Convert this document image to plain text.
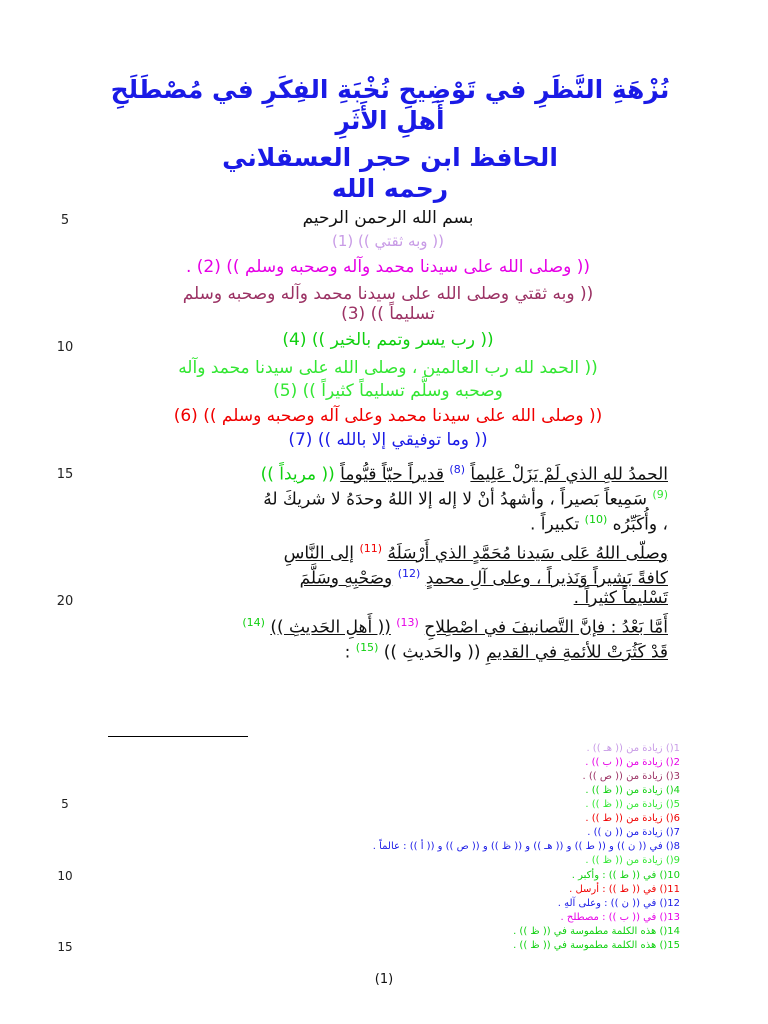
نُزْهَةِ النَّظَرِ في تَوْضِيحِ نُخْبَةِ الفِكَرِ في مُصْطَلَحِ أَهلِ الأَثَرِ
الحافظ ابن حجر العسقلاني
رحمه الله
5
10
15
20
بسم الله الرحمن الرحيم
(( وبه ثقتي )) (1)
(( وصلى الله على سيدنا محمد وآله وصحبه وسلم )) (2) .
(( وبه ثقتي وصلى الله على سيدنا محمد وآله وصحبه وسلم
تسليماً )) (3)
(( رب يسر وتمم بالخير )) (4)
(( الحمد لله رب العالمين ، وصلى الله على سيدنا محمد وآله
وصحبه وسلَّم تسليماً كثيراً )) (5)
(( وصلى الله على سيدنا محمد وعلى آله وصحبه وسلم )) (6)
(( وما توفيقي إلا بالله )) (7)
الحمدُ للهِ الذي لَمْ يَزَلْ عَلِيماً $^{(8)}$ قديراً حيّاً قيُّوماً (( مريداً ))
$^{(9)}$ سَمِيعاً بَصيراً ، وأشهدُ أنْ لا إله إلا اللهُ وحدَهُ لا شريكَ لهُ
، وأُكَبِّرُه $^{(10)}$ تكبيراً .
وصلّى اللهُ عَلى سَيدنا مُحَمَّدٍ الذي أَرْسَلَهُ $^{(11)}$ إلى النَّاسِ
كافةً بَشيراً وَنَذيراً ، وعلى آلِ محمدٍ $^{(12)}$ وصَحْبِهِ وسَلَّمَ
تَسْليماً كثيراً .
أَمَّا بَعْدُ : فإنَّ التَّصانيفَ في اصْطِلاحِ $^{(13)}$ (( أَهلِ الحَديثِ )) $^{(14)}$
قَدْ كَثُرَتْ للأئمةِ في القديمِ (( والحَديثِ )) $^{(15)}$ :
5
10
15
1() زيادة من (( هـ )) .
2() زيادة من (( ب )) .
3() زيادة من (( ص )) .
4() زيادة من (( ظ )) .
5() زيادة من (( ظ )) .
6() زيادة من (( ط )) .
7() زيادة من (( ن )) .
8() في (( ن )) و (( ط )) و (( هـ )) و (( ظ )) و (( ص )) و (( أ )) : عالماً .
9() زيادة من (( ظ )) .
10() في (( ط )) : وأكبر .
11() في (( ط )) : أرسل .
12() في (( ن )) : وعلى آلهِ .
13() في (( ب )) : مصطلح .
14() هذه الكلمة مطموسة في (( ظ )) .
15() هذه الكلمة مطموسة في (( ظ )) .
(1)
